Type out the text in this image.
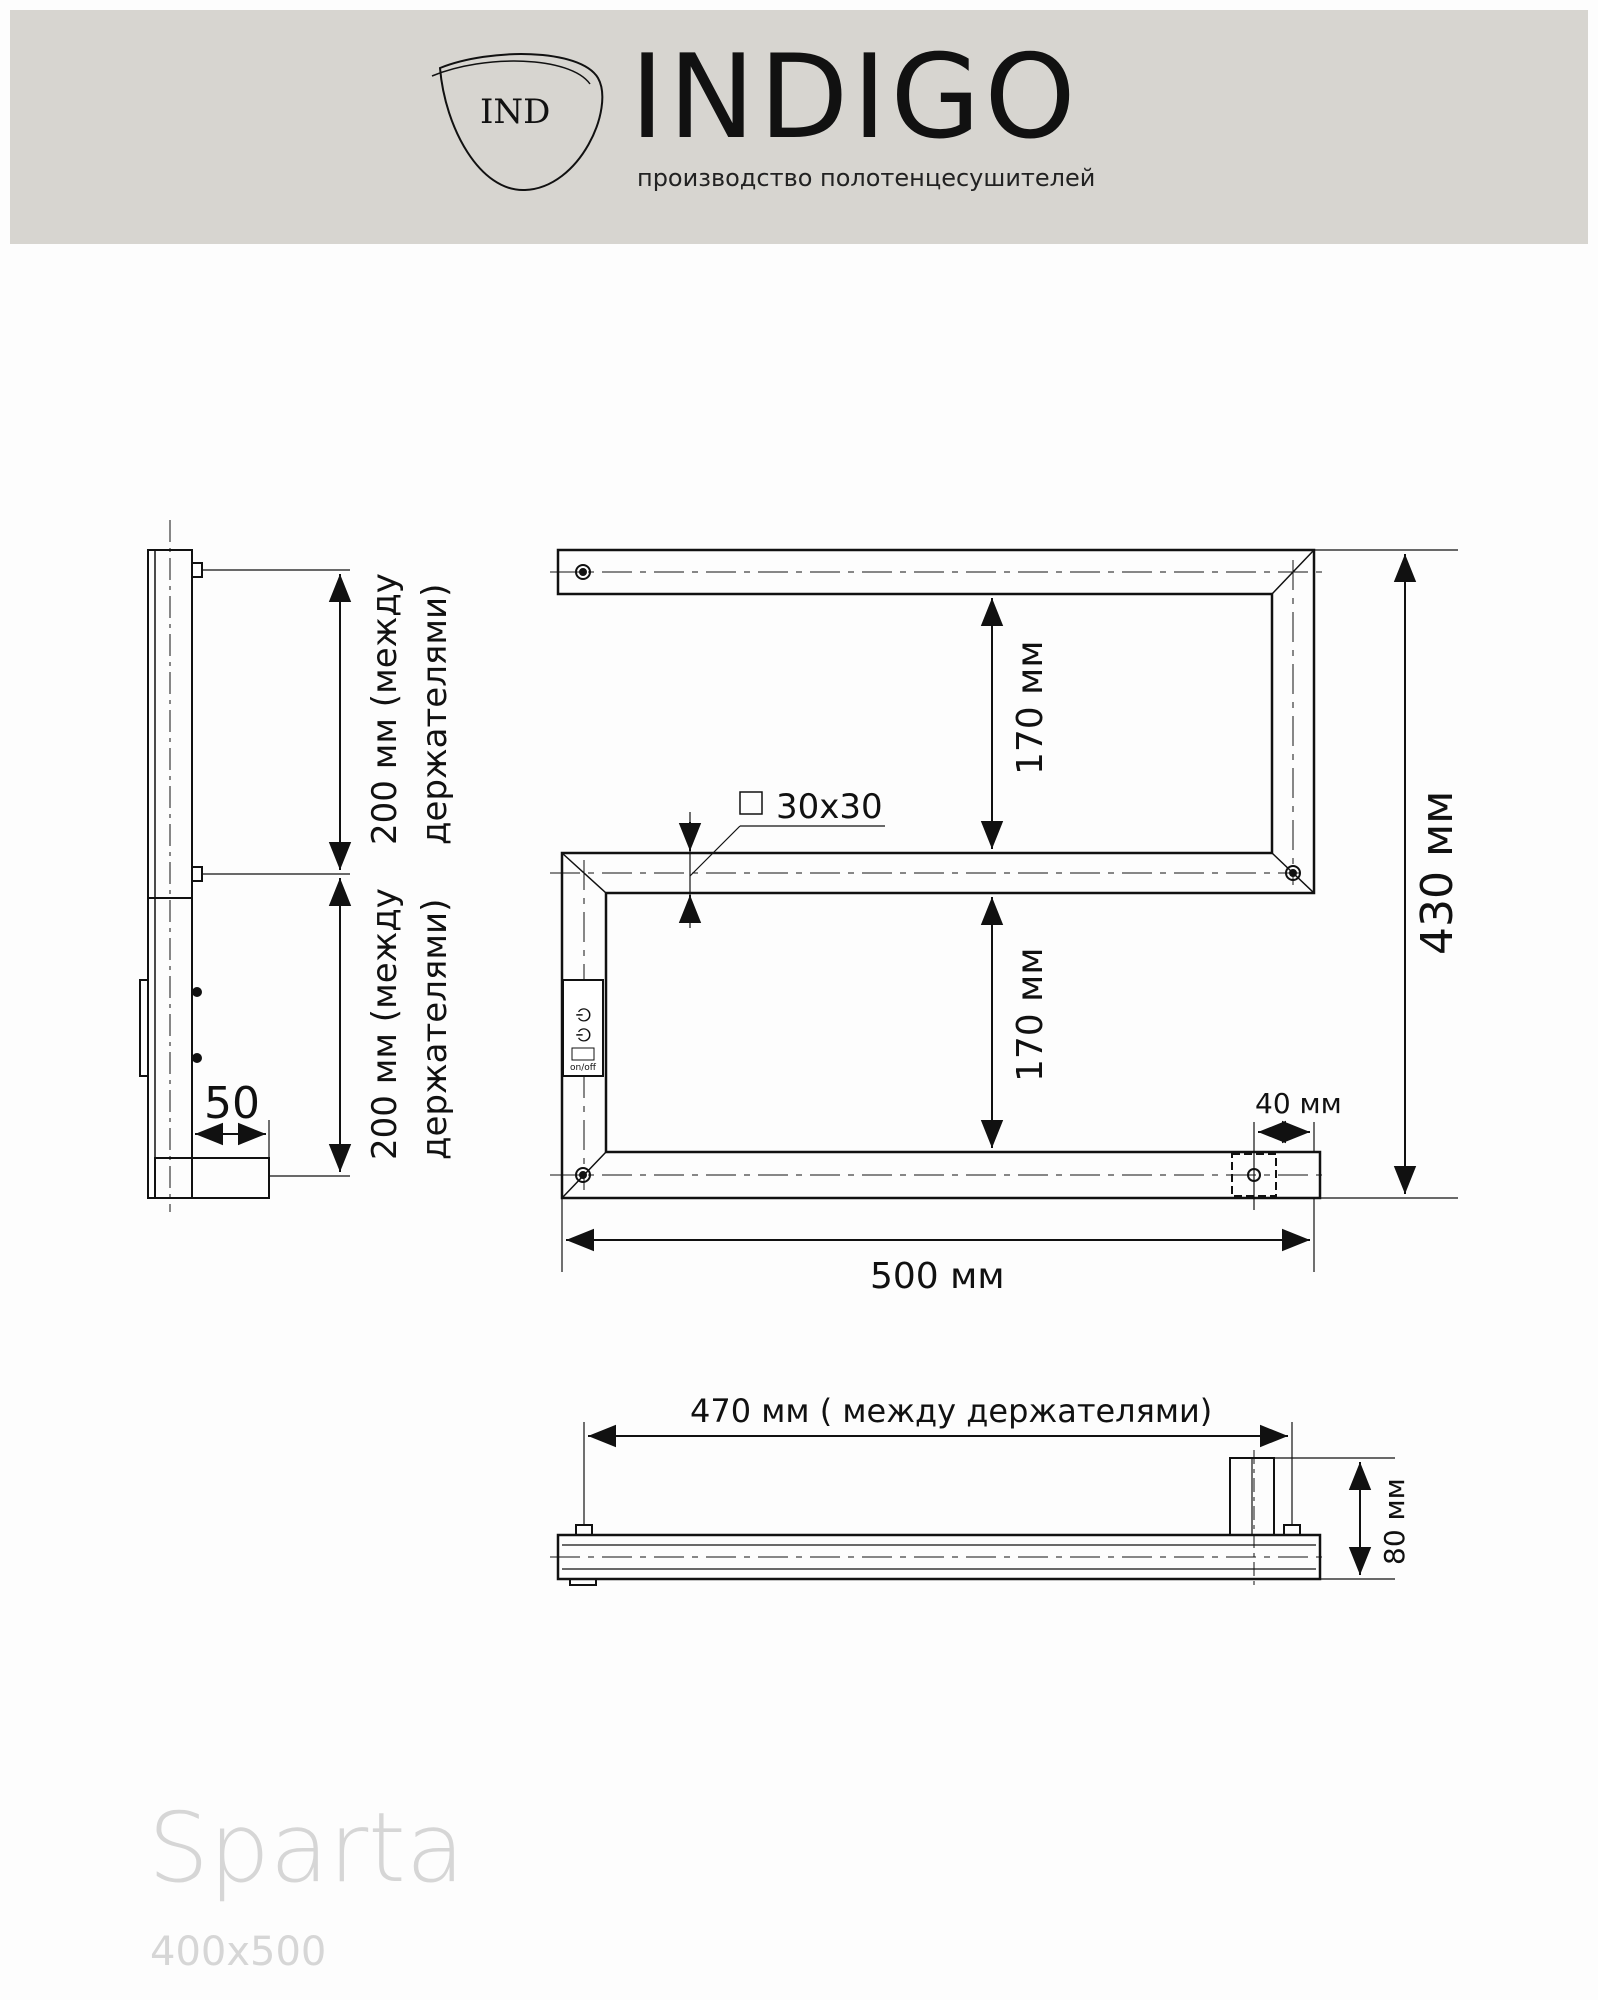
IND INDIGO
производство полотенцесушителей
200 мм (между держателями)
200 мм (между держателями)
50
170 мм
170 мм
30x30	430 мм
500 мм
40 мм
on/off
⏻ ⏻
470 мм ( между держателями)
80 мм
Sparta
400x500
